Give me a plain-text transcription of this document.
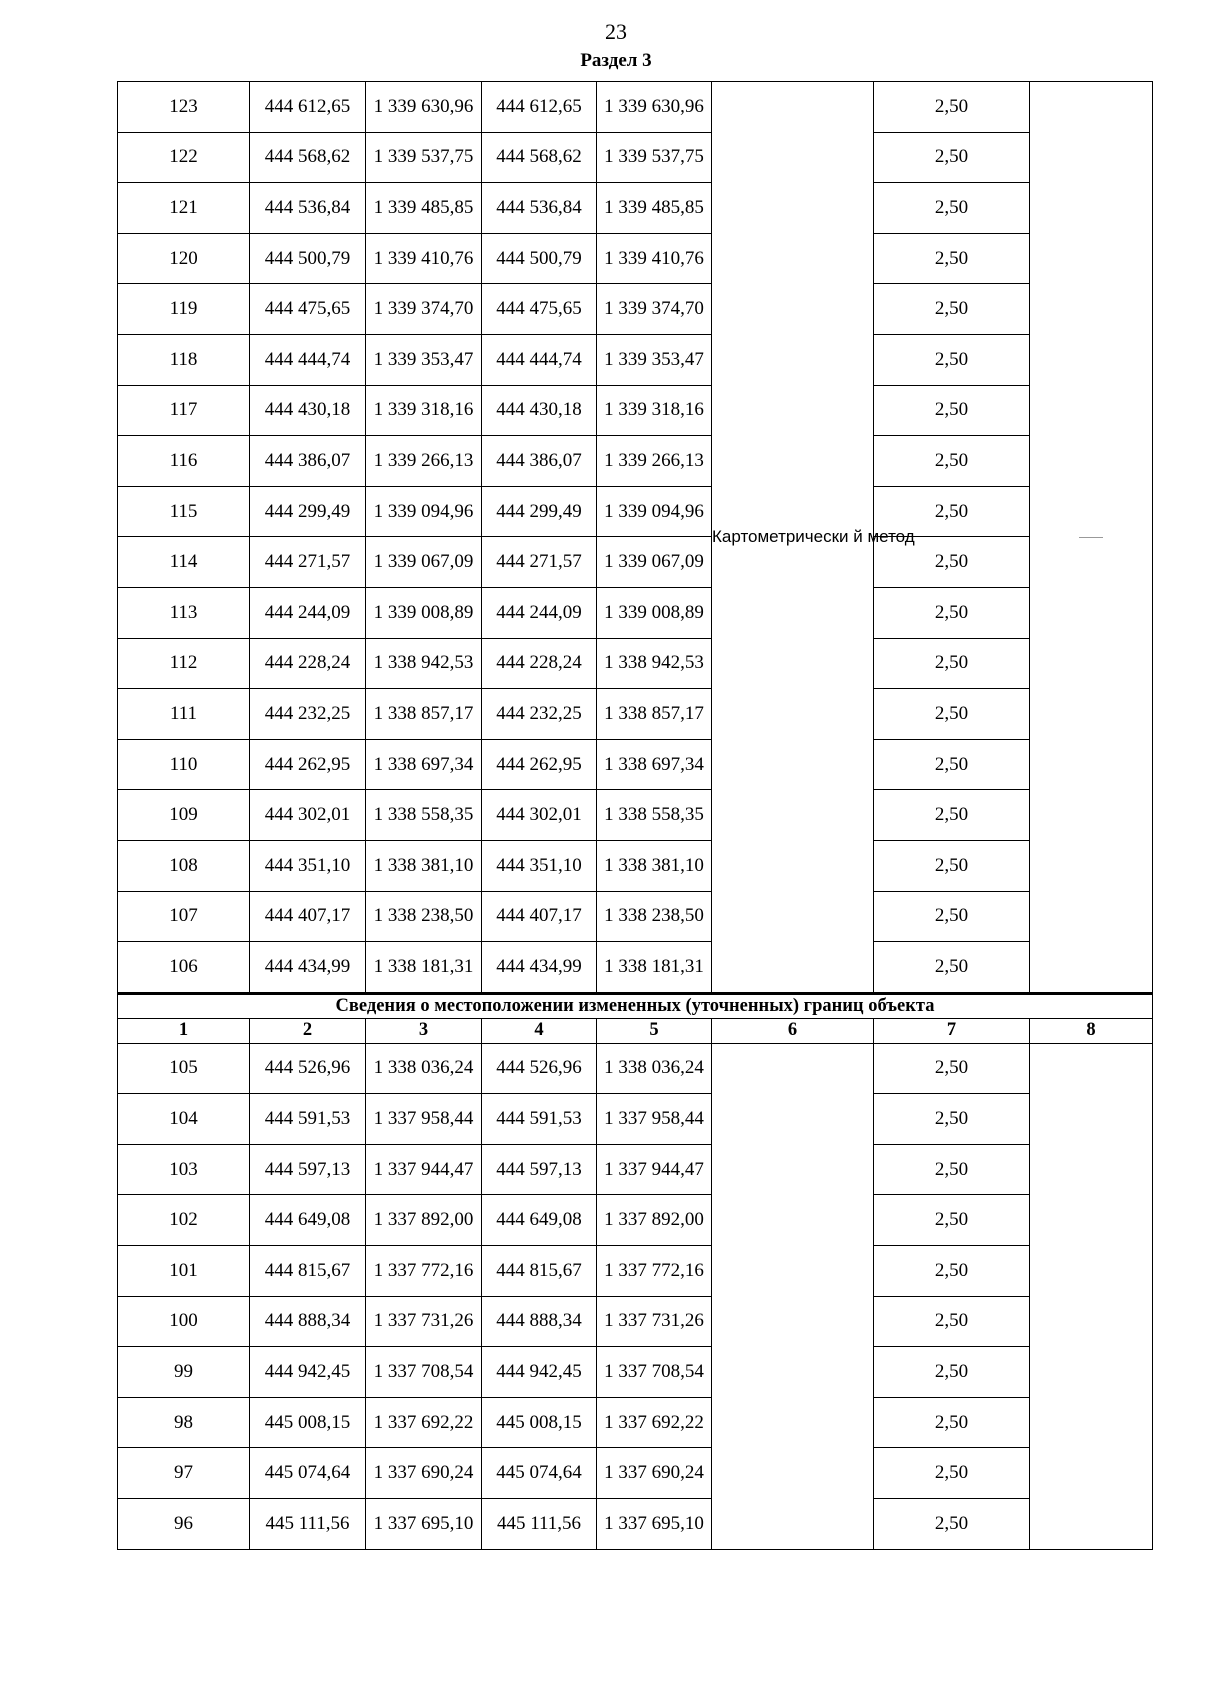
23
Раздел 3
123	444 612,65	1 339 630,96	444 612,65	1 339 630,96	Картометрически й метод	2,50	

122	444 568,62	1 339 537,75	444 568,62	1 339 537,75		2,50	
121	444 536,84	1 339 485,85	444 536,84	1 339 485,85		2,50	
120	444 500,79	1 339 410,76	444 500,79	1 339 410,76		2,50	
119	444 475,65	1 339 374,70	444 475,65	1 339 374,70		2,50	
118	444 444,74	1 339 353,47	444 444,74	1 339 353,47		2,50	
117	444 430,18	1 339 318,16	444 430,18	1 339 318,16		2,50	
116	444 386,07	1 339 266,13	444 386,07	1 339 266,13		2,50	
115	444 299,49	1 339 094,96	444 299,49	1 339 094,96		2,50	
114	444 271,57	1 339 067,09	444 271,57	1 339 067,09		2,50	
113	444 244,09	1 339 008,89	444 244,09	1 339 008,89		2,50	
112	444 228,24	1 338 942,53	444 228,24	1 338 942,53		2,50	
111	444 232,25	1 338 857,17	444 232,25	1 338 857,17		2,50	
110	444 262,95	1 338 697,34	444 262,95	1 338 697,34		2,50	
109	444 302,01	1 338 558,35	444 302,01	1 338 558,35		2,50	
108	444 351,10	1 338 381,10	444 351,10	1 338 381,10		2,50	
107	444 407,17	1 338 238,50	444 407,17	1 338 238,50		2,50	
106	444 434,99	1 338 181,31	444 434,99	1 338 181,31		2,50	
Сведения о местоположении измененных (уточненных) границ объекта							
1	2	3	4	5	6	7	8
105	444 526,96	1 338 036,24	444 526,96	1 338 036,24		2,50	
104	444 591,53	1 337 958,44	444 591,53	1 337 958,44		2,50	
103	444 597,13	1 337 944,47	444 597,13	1 337 944,47		2,50	
102	444 649,08	1 337 892,00	444 649,08	1 337 892,00		2,50	
101	444 815,67	1 337 772,16	444 815,67	1 337 772,16		2,50	
100	444 888,34	1 337 731,26	444 888,34	1 337 731,26		2,50	
99	444 942,45	1 337 708,54	444 942,45	1 337 708,54		2,50	
98	445 008,15	1 337 692,22	445 008,15	1 337 692,22		2,50	
97	445 074,64	1 337 690,24	445 074,64	1 337 690,24		2,50	
96	445 111,56	1 337 695,10	445 111,56	1 337 695,10		2,50	
